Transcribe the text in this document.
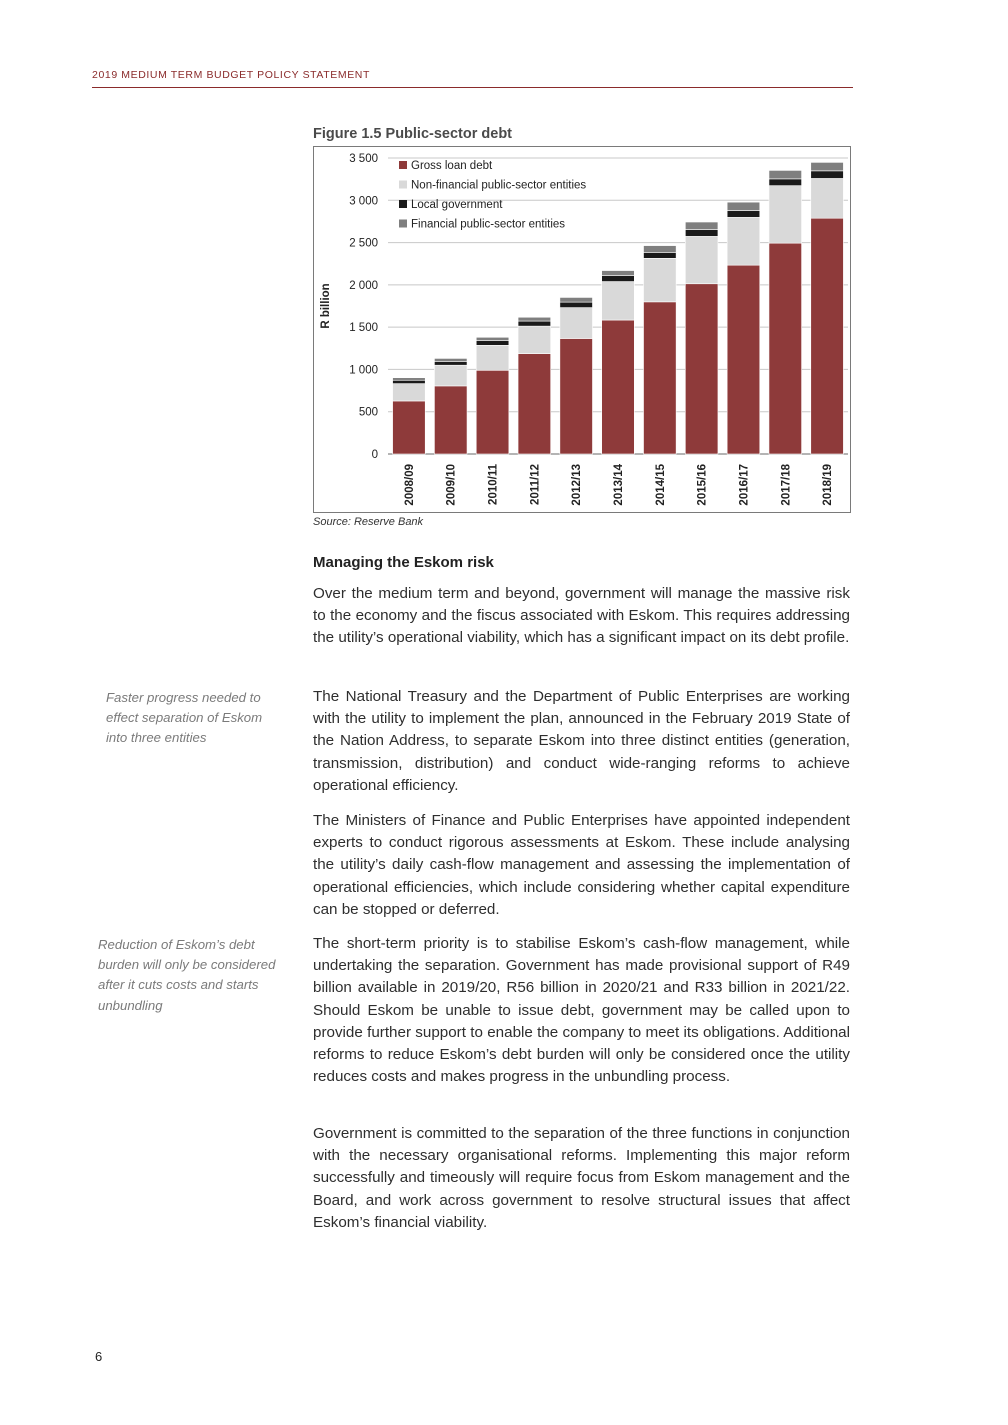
2019 MEDIUM TERM BUDGET POLICY STATEMENT
Figure 1.5 Public-sector debt
0
500
1 000
1 500
2 000
2 500
3 000
3 500
R billion
2008/09	2009/10	2010/11	2011/12	2012/13	2013/14	2014/15	2015/16	2016/17	2017/18	2018/19
Gross loan debt
Non-financial public-sector entities
Local government
Financial public-sector entities
Source: Reserve Bank
Managing the Eskom risk

Over the medium term and beyond, government will manage the massive risk to the economy and the fiscus associated with Eskom. This requires addressing the utility’s operational viability, which has a significant impact on its debt profile.

The National Treasury and the Department of Public Enterprises are working with the utility to implement the plan, announced in the February 2019 State of the Nation Address, to separate Eskom into three distinct entities (generation, transmission, distribution) and conduct wide-ranging reforms to achieve operational efficiency.

The Ministers of Finance and Public Enterprises have appointed independent experts to conduct rigorous assessments at Eskom. These include analysing the utility’s daily cash-flow management and assessing the implementation of operational efficiencies, which include considering whether capital expenditure can be stopped or deferred.

The short-term priority is to stabilise Eskom’s cash-flow management, while undertaking the separation. Government has made provisional support of R49 billion available in 2019/20, R56 billion in 2020/21 and R33 billion in 2021/22. Should Eskom be unable to issue debt, government may be called upon to provide further support to enable the company to meet its obligations. Additional reforms to reduce Eskom’s debt burden will only be considered once the utility reduces costs and makes progress in the unbundling process.

Government is committed to the separation of the three functions in conjunction with the necessary organisational reforms. Implementing this major reform successfully and timeously will require focus from Eskom management and the Board, and work across government to resolve structural issues that affect Eskom’s financial viability.

Faster progress needed to effect separation of Eskom into three entities

Reduction of Eskom’s debt burden will only be considered after it cuts costs and starts unbundling

6
